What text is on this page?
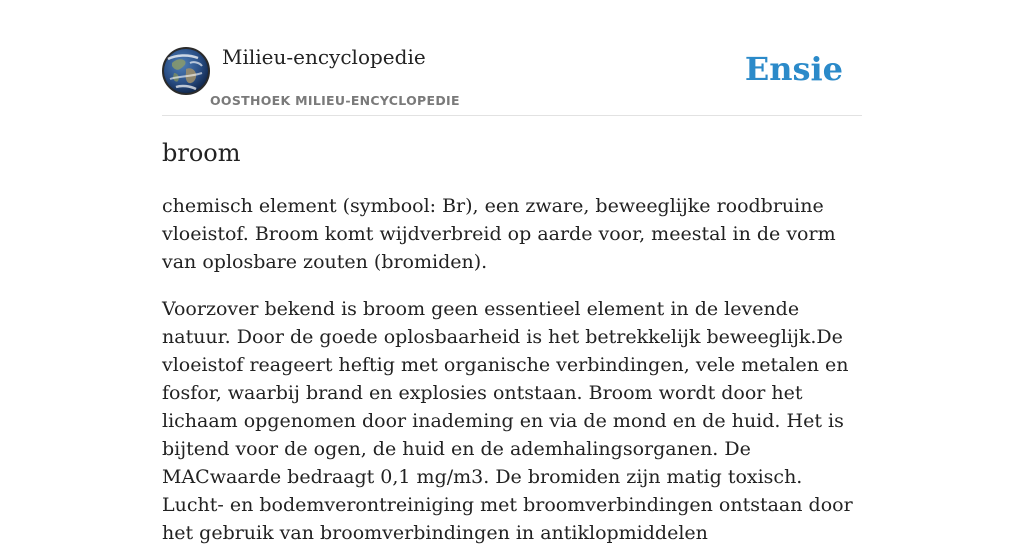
Milieu-encyclopedie
OOSTHOEK MILIEU-ENCYCLOPEDIE
Ensie
broom

chemisch element (symbool: Br), een zware, beweeglijke roodbruine vloeistof. Broom komt wijdverbreid op aarde voor, meestal in de vorm van oplosbare zouten (bromiden).

Voorzover bekend is broom geen essentieel element in de levende natuur. Door de goede oplosbaarheid is het betrekkelijk beweeglijk.De vloeistof reageert heftig met organische verbindingen, vele metalen en fosfor, waarbij brand en explosies ontstaan. Broom wordt door het lichaam opgenomen door inademing en via de mond en de huid. Het is bijtend voor de ogen, de huid en de ademhalingsorganen. De MACwaarde bedraagt 0,1 mg/m3. De bromiden zijn matig toxisch. Lucht- en bodemverontreiniging met broomverbindingen ontstaan door het gebruik van broomverbindingen in antiklopmiddelen
